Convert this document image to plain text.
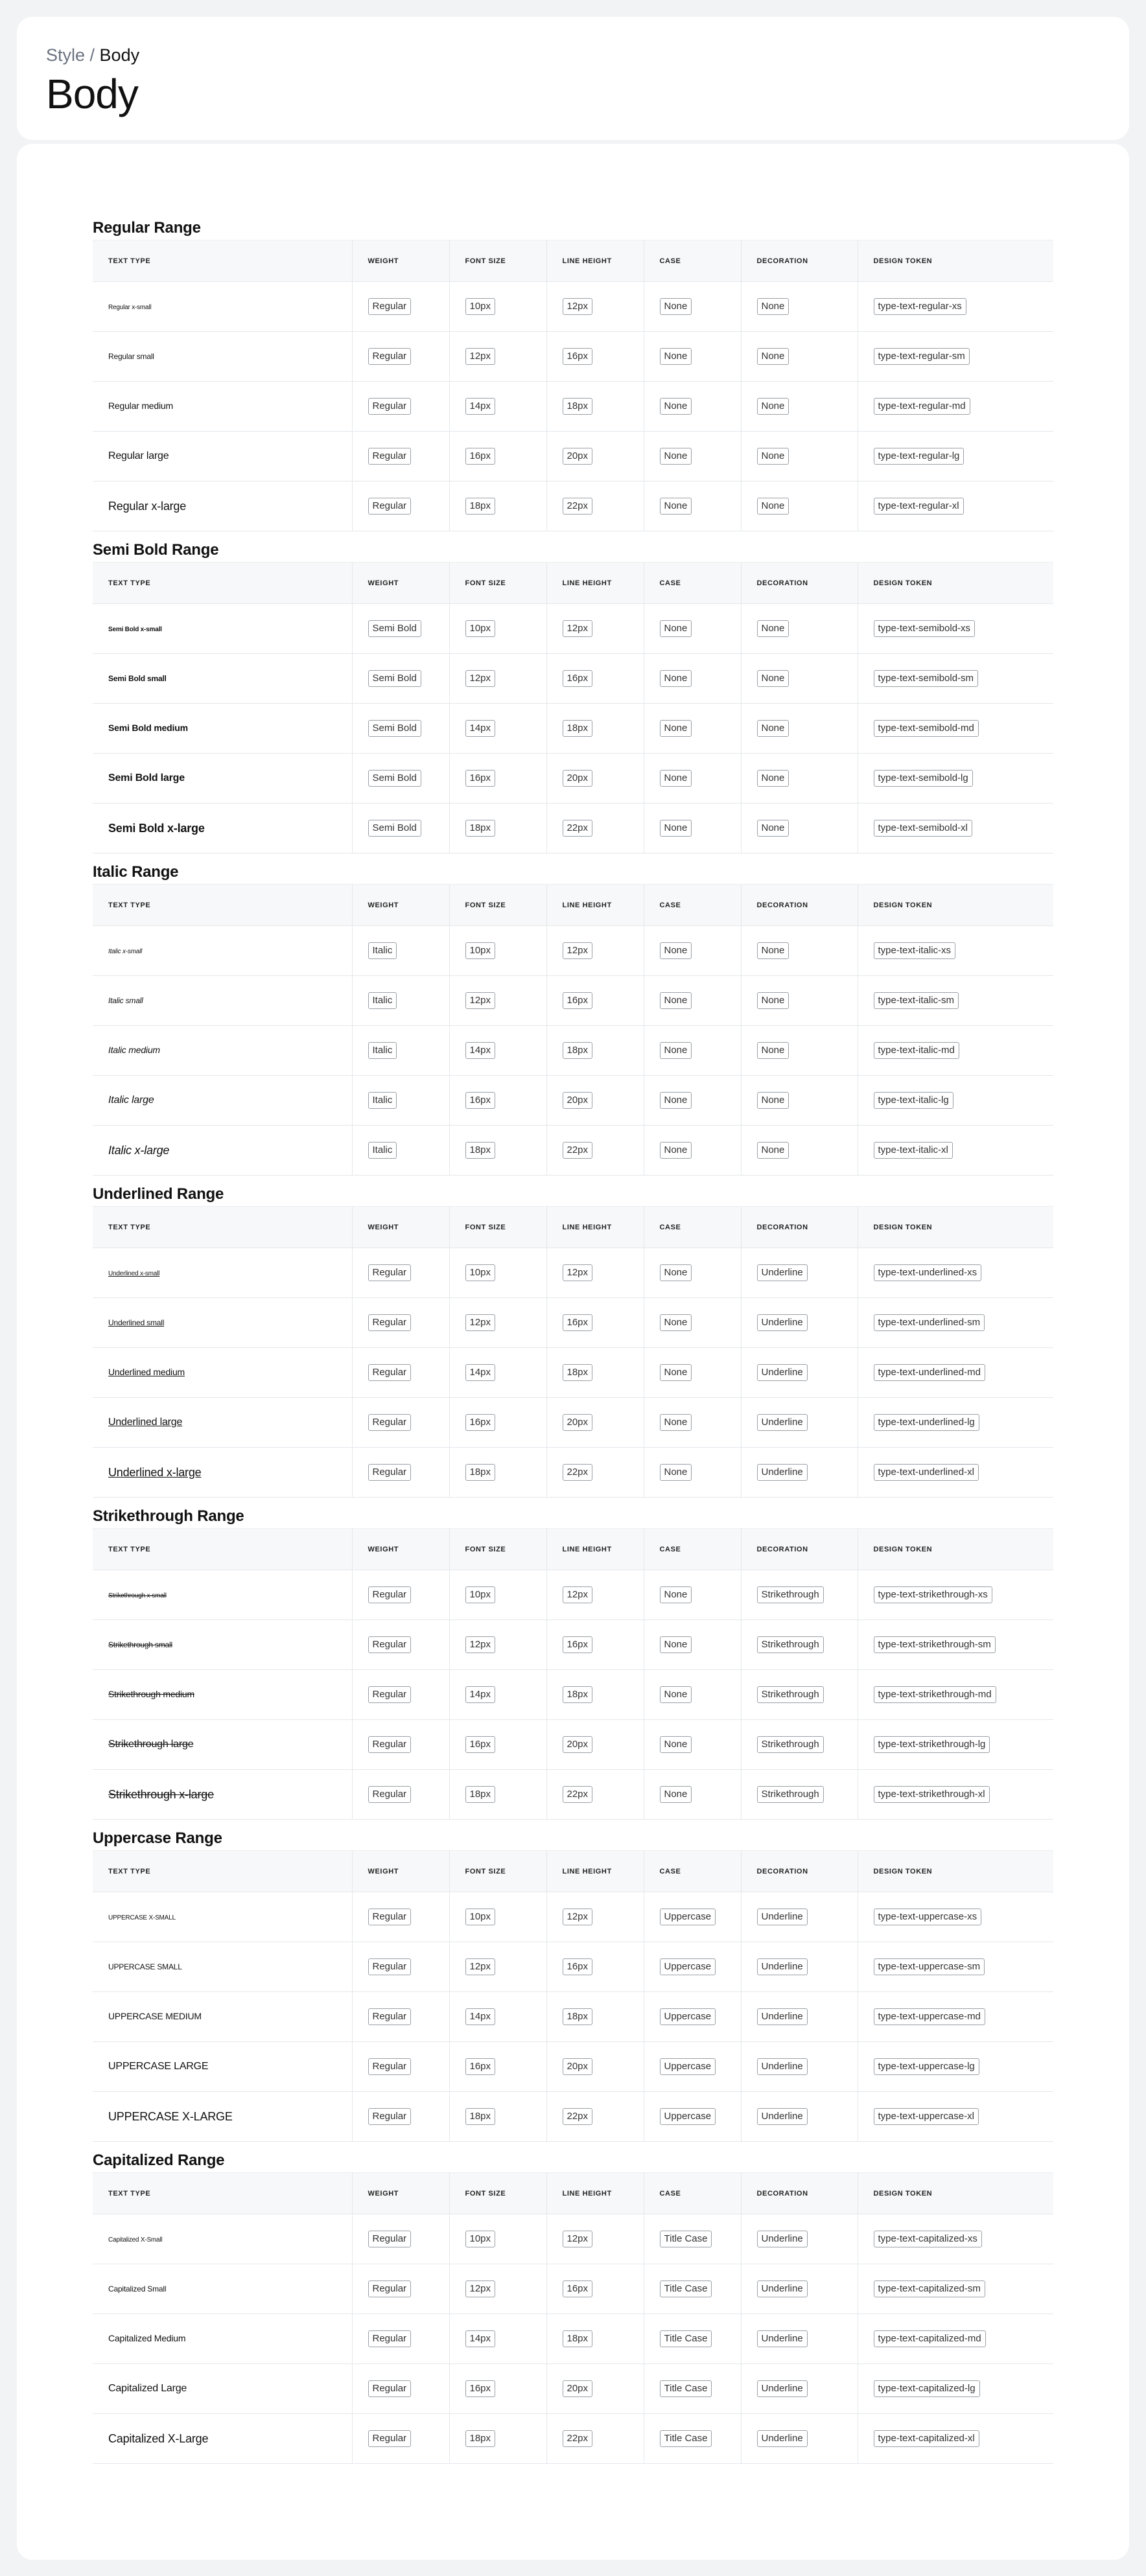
Style / Body
Body
Regular Range
TEXT TYPE	WEIGHT	FONT SIZE	LINE HEIGHT	CASE	DECORATION	DESIGN TOKEN
Regular x-small	Regular	10px	12px	None	None	type-text-regular-xs
Regular small	Regular	12px	16px	None	None	type-text-regular-sm
Regular medium	Regular	14px	18px	None	None	type-text-regular-md
Regular large	Regular	16px	20px	None	None	type-text-regular-lg
Regular x-large	Regular	18px	22px	None	None	type-text-regular-xl
Semi Bold Range
TEXT TYPE	WEIGHT	FONT SIZE	LINE HEIGHT	CASE	DECORATION	DESIGN TOKEN
Semi Bold x-small	Semi Bold	10px	12px	None	None	type-text-semibold-xs
Semi Bold small	Semi Bold	12px	16px	None	None	type-text-semibold-sm
Semi Bold medium	Semi Bold	14px	18px	None	None	type-text-semibold-md
Semi Bold large	Semi Bold	16px	20px	None	None	type-text-semibold-lg
Semi Bold x-large	Semi Bold	18px	22px	None	None	type-text-semibold-xl
Italic Range
TEXT TYPE	WEIGHT	FONT SIZE	LINE HEIGHT	CASE	DECORATION	DESIGN TOKEN
Italic x-small	Italic	10px	12px	None	None	type-text-italic-xs
Italic small	Italic	12px	16px	None	None	type-text-italic-sm
Italic medium	Italic	14px	18px	None	None	type-text-italic-md
Italic large	Italic	16px	20px	None	None	type-text-italic-lg
Italic x-large	Italic	18px	22px	None	None	type-text-italic-xl
Underlined Range
TEXT TYPE	WEIGHT	FONT SIZE	LINE HEIGHT	CASE	DECORATION	DESIGN TOKEN
Underlined x-small	Regular	10px	12px	None	Underline	type-text-underlined-xs
Underlined small	Regular	12px	16px	None	Underline	type-text-underlined-sm
Underlined medium	Regular	14px	18px	None	Underline	type-text-underlined-md
Underlined large	Regular	16px	20px	None	Underline	type-text-underlined-lg
Underlined x-large	Regular	18px	22px	None	Underline	type-text-underlined-xl
Strikethrough Range
TEXT TYPE	WEIGHT	FONT SIZE	LINE HEIGHT	CASE	DECORATION	DESIGN TOKEN
Strikethrough x-small	Regular	10px	12px	None	Strikethrough	type-text-strikethrough-xs
Strikethrough small	Regular	12px	16px	None	Strikethrough	type-text-strikethrough-sm
Strikethrough medium	Regular	14px	18px	None	Strikethrough	type-text-strikethrough-md
Strikethrough large	Regular	16px	20px	None	Strikethrough	type-text-strikethrough-lg
Strikethrough x-large	Regular	18px	22px	None	Strikethrough	type-text-strikethrough-xl
Uppercase Range
TEXT TYPE	WEIGHT	FONT SIZE	LINE HEIGHT	CASE	DECORATION	DESIGN TOKEN
UPPERCASE X-SMALL	Regular	10px	12px	Uppercase	Underline	type-text-uppercase-xs
UPPERCASE SMALL	Regular	12px	16px	Uppercase	Underline	type-text-uppercase-sm
UPPERCASE MEDIUM	Regular	14px	18px	Uppercase	Underline	type-text-uppercase-md
UPPERCASE LARGE	Regular	16px	20px	Uppercase	Underline	type-text-uppercase-lg
UPPERCASE X-LARGE	Regular	18px	22px	Uppercase	Underline	type-text-uppercase-xl
Capitalized Range
TEXT TYPE	WEIGHT	FONT SIZE	LINE HEIGHT	CASE	DECORATION	DESIGN TOKEN
Capitalized X-Small	Regular	10px	12px	Title Case	Underline	type-text-capitalized-xs
Capitalized Small	Regular	12px	16px	Title Case	Underline	type-text-capitalized-sm
Capitalized Medium	Regular	14px	18px	Title Case	Underline	type-text-capitalized-md
Capitalized Large	Regular	16px	20px	Title Case	Underline	type-text-capitalized-lg
Capitalized X-Large	Regular	18px	22px	Title Case	Underline	type-text-capitalized-xl
